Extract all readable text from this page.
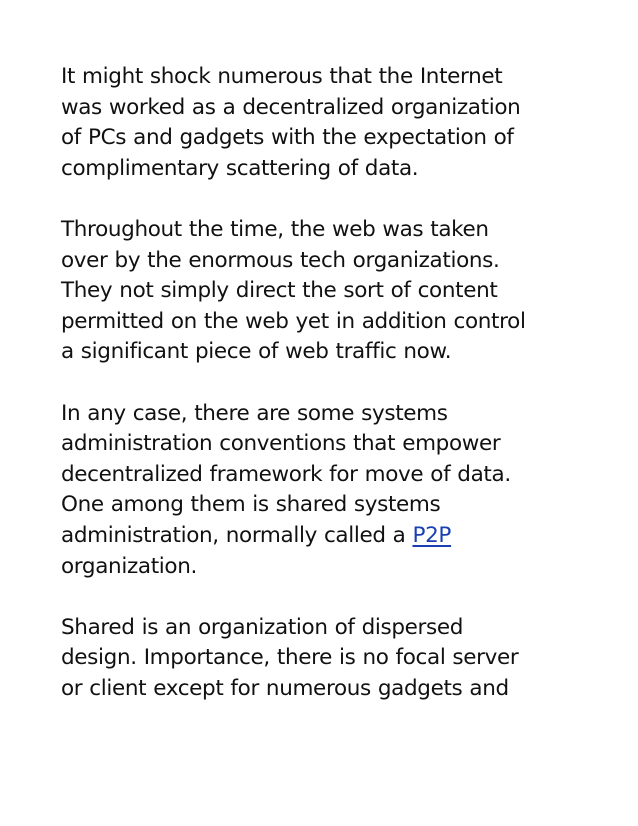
It might shock numerous that the Internet
was worked as a decentralized organization
of PCs and gadgets with the expectation of
complimentary scattering of data.

Throughout the time, the web was taken
over by the enormous tech organizations.
They not simply direct the sort of content
permitted on the web yet in addition control
a significant piece of web traffic now.

In any case, there are some systems
administration conventions that empower
decentralized framework for move of data.
One among them is shared systems
administration, normally called a P2P
organization.

Shared is an organization of dispersed
design. Importance, there is no focal server
or client except for numerous gadgets and
